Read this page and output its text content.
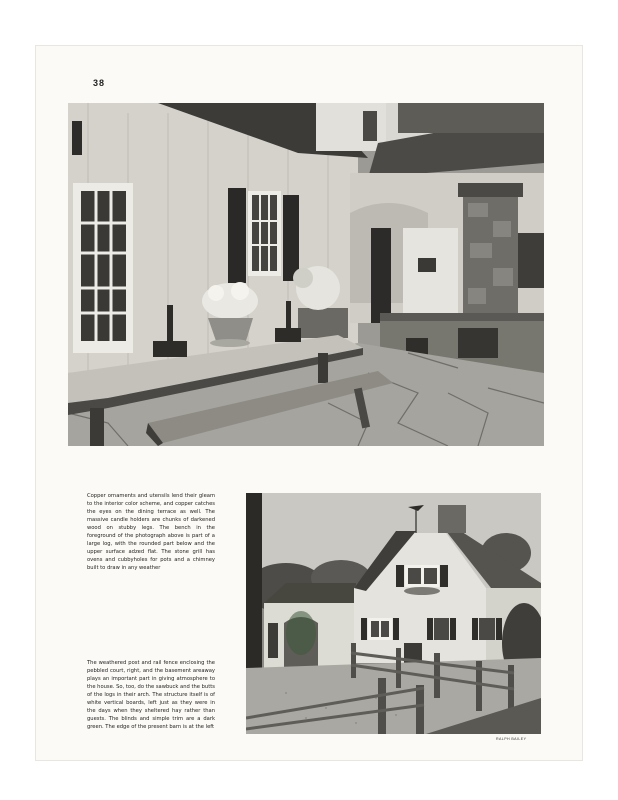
38
Copper ornaments and utensils lend their gleam to the interior color scheme, and copper catches the eyes on the dining terrace as well. The massive candle holders are chunks of darkened wood on stubby legs. The bench in the foreground of the photograph above is part of a large log, with the rounded part below and the upper surface adzed flat. The stone grill has ovens and cubbyholes for pots and a chimney built to draw in any weather
The weathered post and rail fence enclosing the pebbled court, right, and the basement areaway plays an important part in giving atmosphere to the house. So, too, do the sawbuck and the butts of the logs in their arch. The structure itself is of white vertical boards, left just as they were in the days when they sheltered hay rather than guests. The blinds and simple trim are a dark green. The edge of the present barn is at the left
RALPH BAILEY
